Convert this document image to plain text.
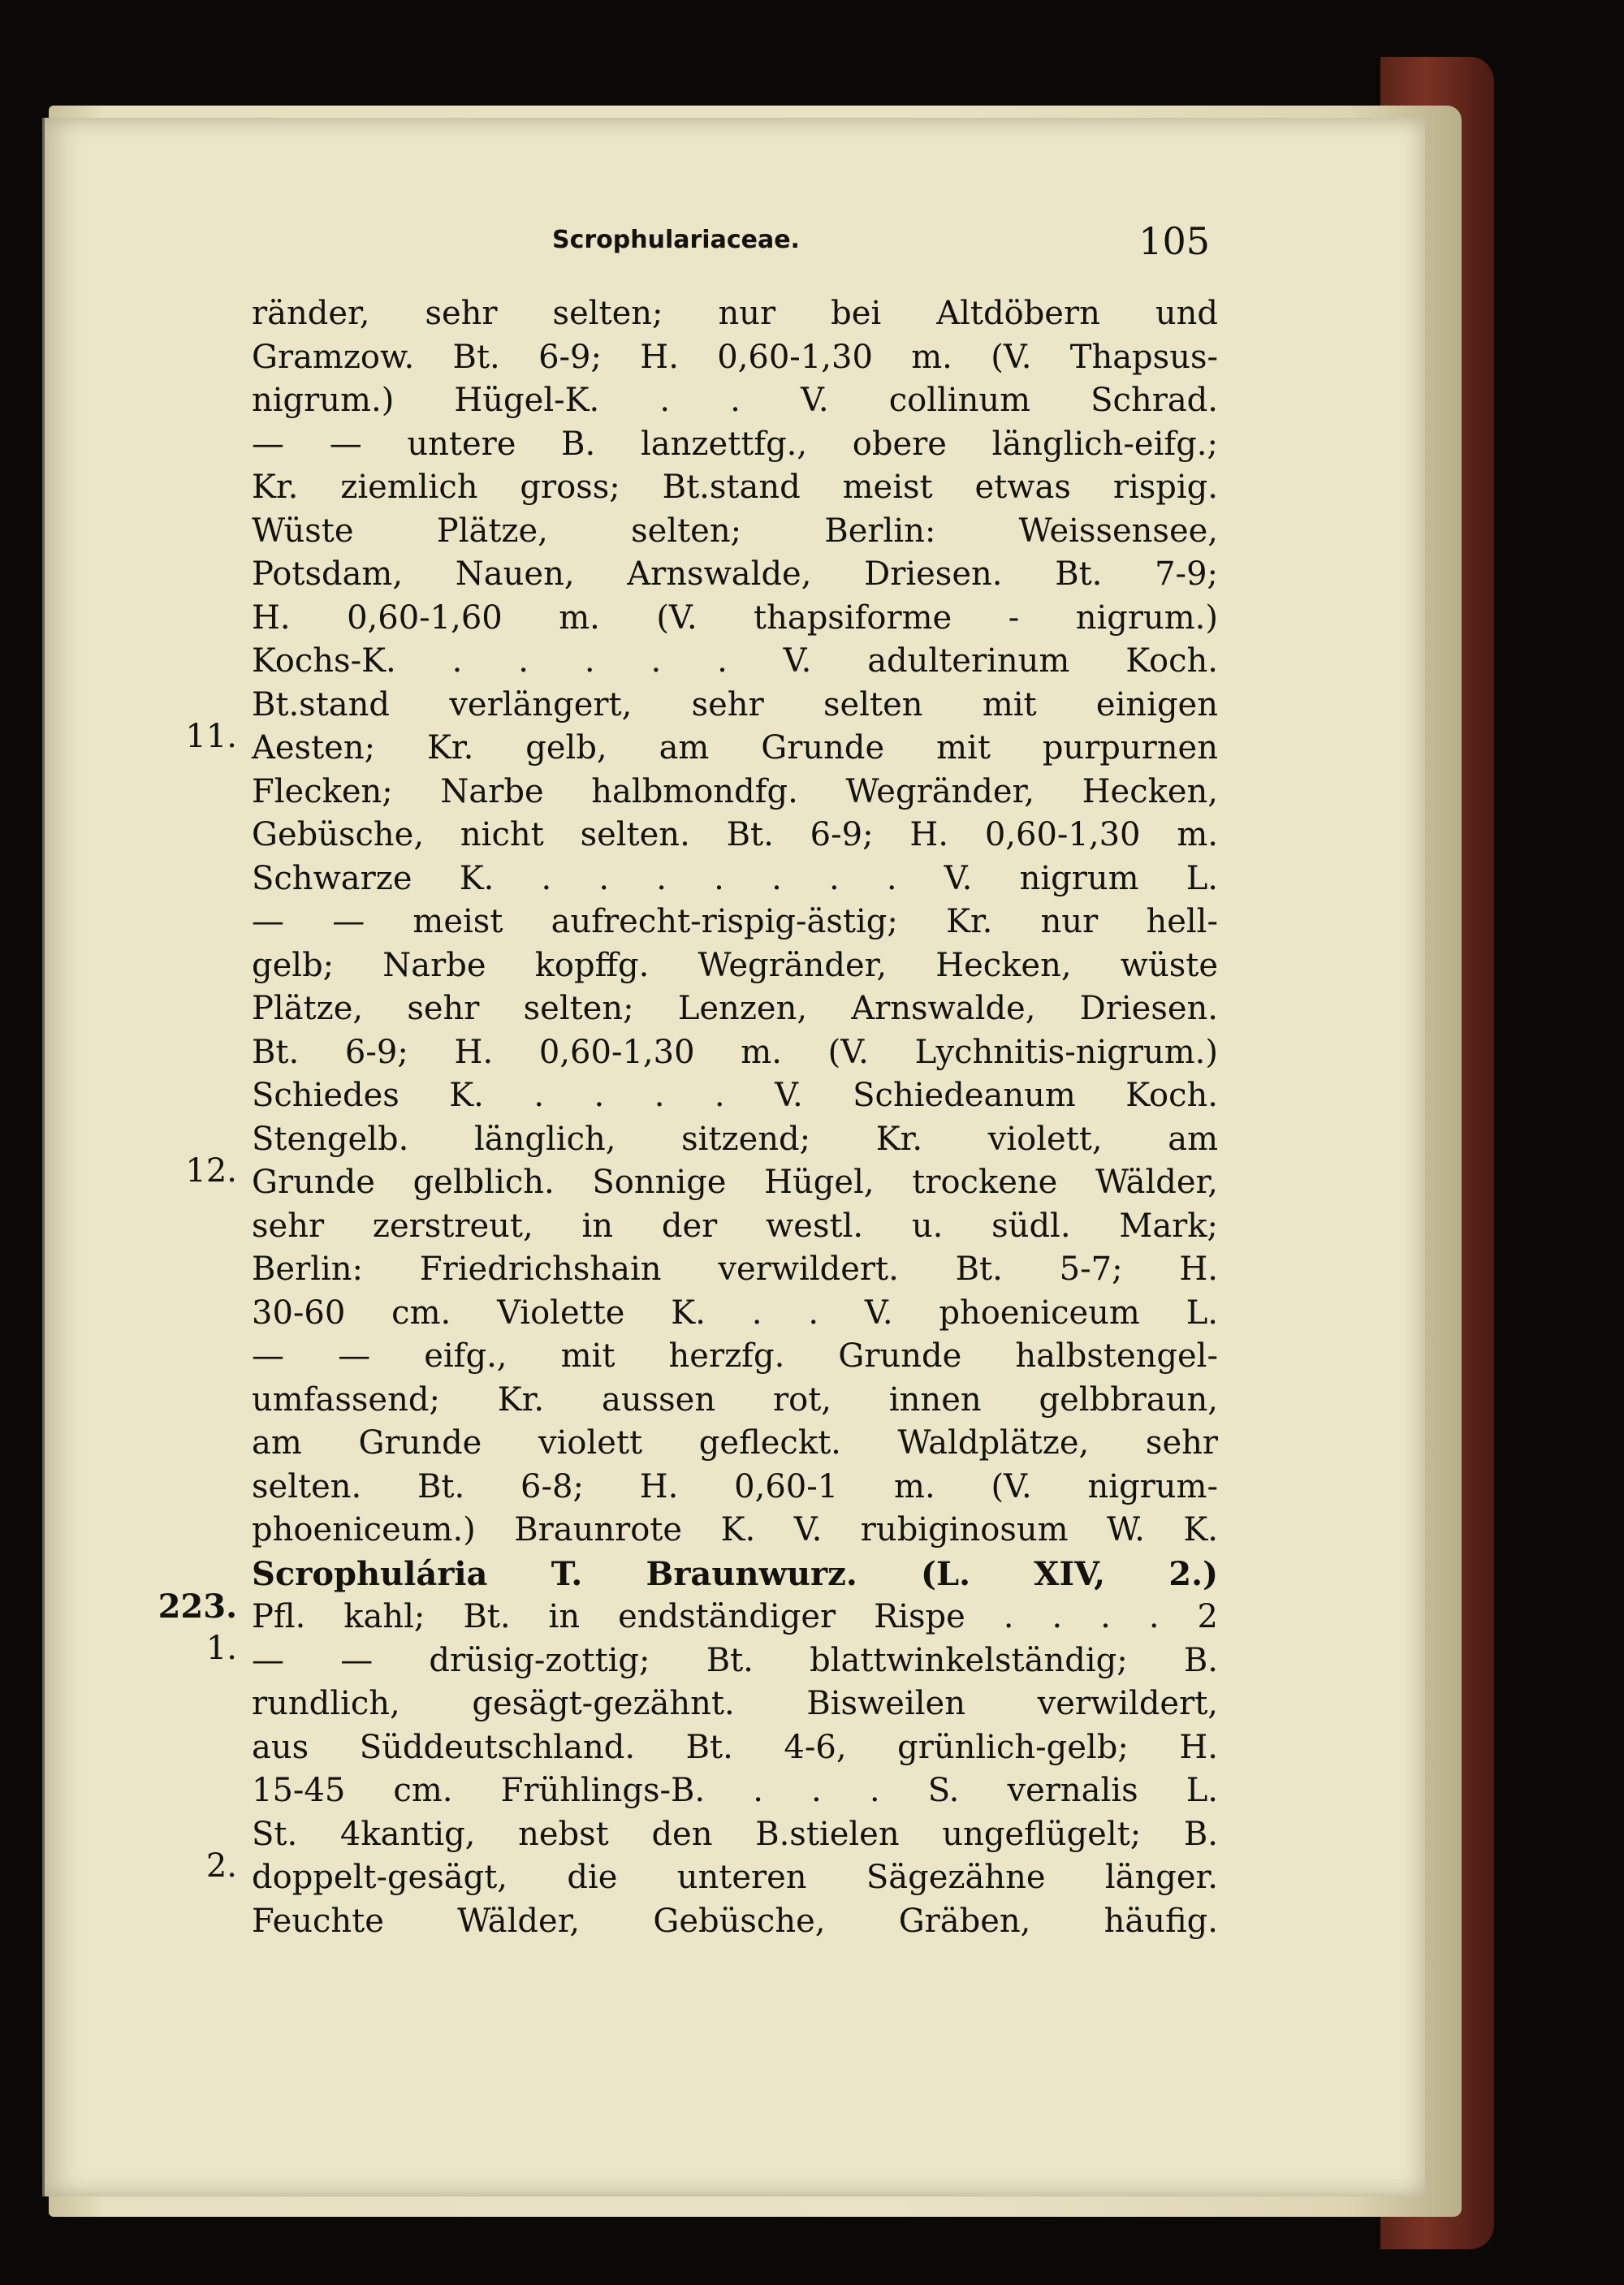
Scrophulariaceae.	105
ränder, sehr selten; nur bei Altdöbern und
Gramzow. Bt. 6-9; H. 0,60-1,30 m. (V. Thapsus-
nigrum.) Hügel-K. . . V. collinum Schrad.
— — untere B. lanzettfg., obere länglich-eifg.;
Kr. ziemlich gross; Bt.stand meist etwas rispig.
Wüste Plätze, selten; Berlin: Weissensee,
Potsdam, Nauen, Arnswalde, Driesen. Bt. 7-9;
H. 0,60-1,60 m. (V. thapsiforme - nigrum.)
Kochs-K. . . . . . V. adulterinum Koch.
11.
Bt.stand verlängert, sehr selten mit einigen
Aesten; Kr. gelb, am Grunde mit purpurnen
Flecken; Narbe halbmondfg. Wegränder, Hecken,
Gebüsche, nicht selten. Bt. 6-9; H. 0,60-1,30 m.
Schwarze K. . . . . . . . V. nigrum L.
— — meist aufrecht-rispig-ästig; Kr. nur hell-
gelb; Narbe kopffg. Wegränder, Hecken, wüste
Plätze, sehr selten; Lenzen, Arnswalde, Driesen.
Bt. 6-9; H. 0,60-1,30 m. (V. Lychnitis-nigrum.)
Schiedes K. . . . . V. Schiedeanum Koch.
12.
Stengelb. länglich, sitzend; Kr. violett, am
Grunde gelblich. Sonnige Hügel, trockene Wälder,
sehr zerstreut, in der westl. u. südl. Mark;
Berlin: Friedrichshain verwildert. Bt. 5-7; H.
30-60 cm. Violette K. . . V. phoeniceum L.
— — eifg., mit herzfg. Grunde halbstengel-
umfassend; Kr. aussen rot, innen gelbbraun,
am Grunde violett gefleckt. Waldplätze, sehr
selten. Bt. 6-8; H. 0,60-1 m. (V. nigrum-
phoeniceum.) Braunrote K. V. rubiginosum W. K.
223.
Scrophulária T. Braunwurz. (L. XIV, 2.)
1.
Pfl. kahl; Bt. in endständiger Rispe . . . . 2
— — drüsig-zottig; Bt. blattwinkelständig; B.
rundlich, gesägt-gezähnt. Bisweilen verwildert,
aus Süddeutschland. Bt. 4-6, grünlich-gelb; H.
15-45 cm. Frühlings-B. . . . S. vernalis L.
2.
St. 4kantig, nebst den B.stielen ungeflügelt; B.
doppelt-gesägt, die unteren Sägezähne länger.
Feuchte Wälder, Gebüsche, Gräben, häufig.
